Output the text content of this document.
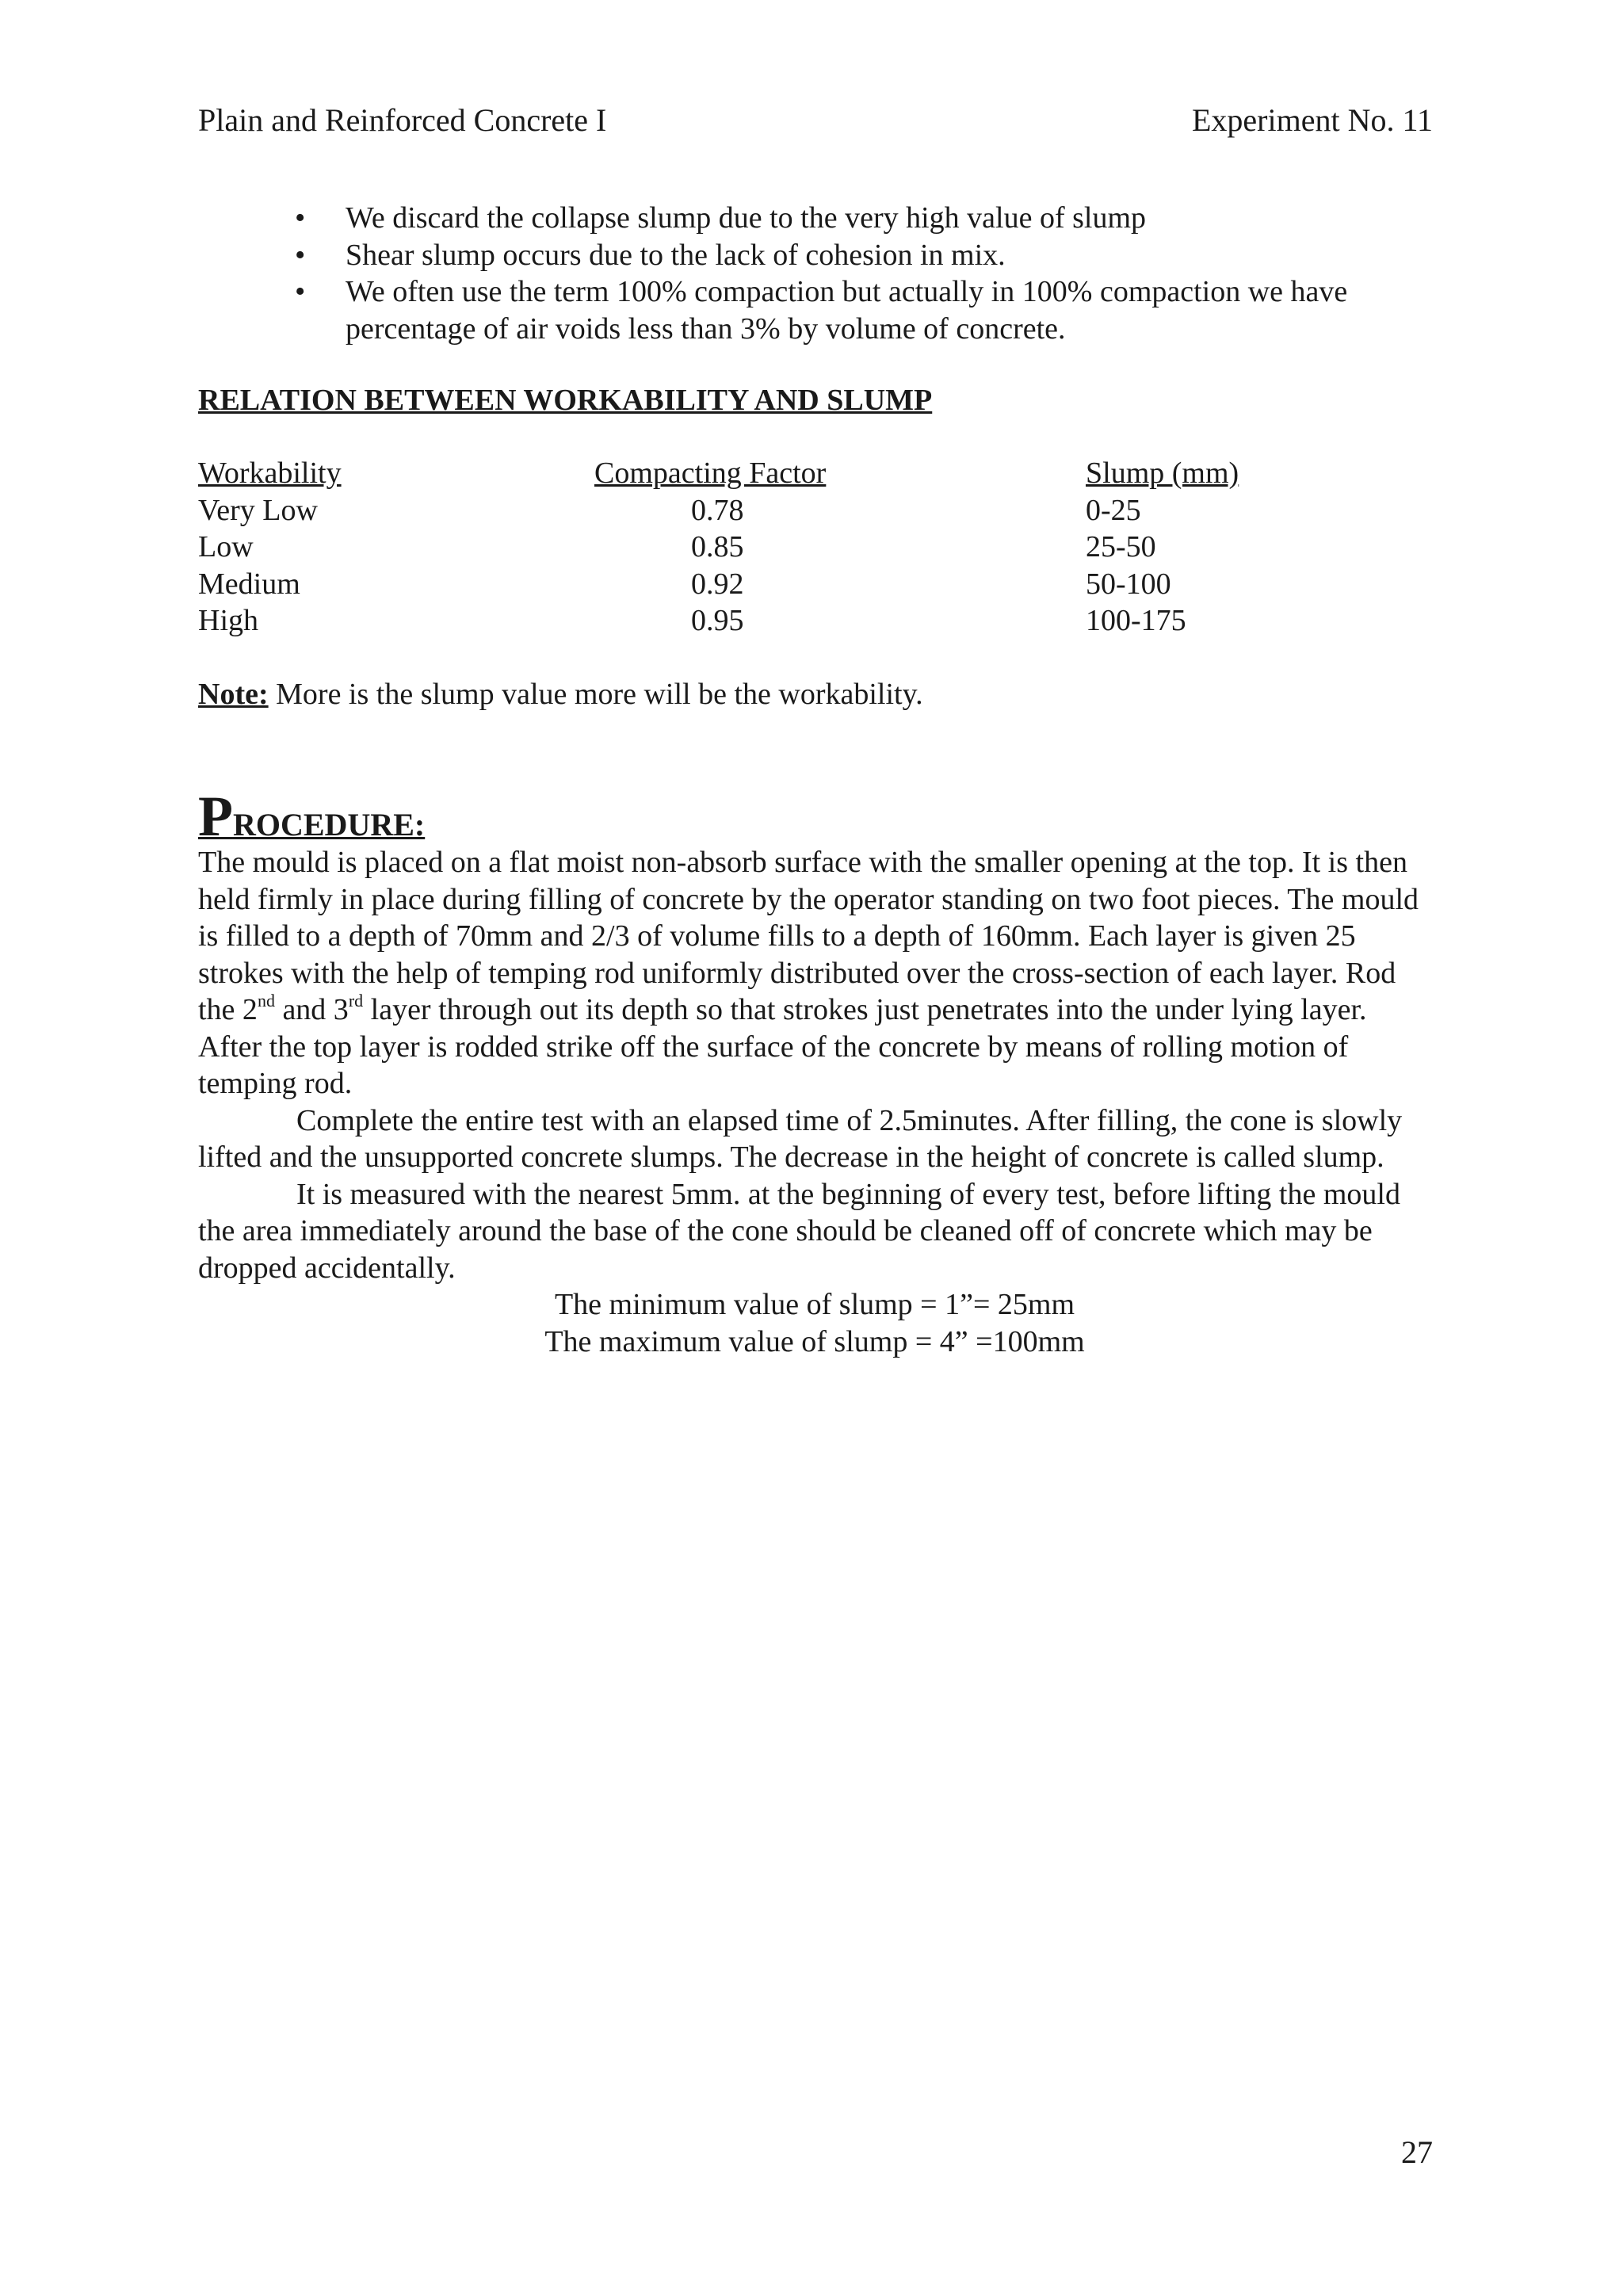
Plain and Reinforced Concrete I	Experiment No. 11
• We discard the collapse slump due to the very high value of slump
• Shear slump occurs due to the lack of cohesion in mix.
• We often use the term 100% compaction but actually in 100% compaction we have percentage of air voids less than 3% by volume of concrete.
RELATION BETWEEN WORKABILITY AND SLUMP
Workability	Compacting Factor	Slump (mm)
Very Low	0.78	0-25
Low	0.85	25-50
Medium	0.92	50-100
High	0.95	100-175
Note: More is the slump value more will be the workability.
PROCEDURE:

The mould is placed on a flat moist non-absorb surface with the smaller opening at the top. It is then held firmly in place during filling of concrete by the operator standing on two foot pieces. The mould is filled to a depth of 70mm and 2/3 of volume fills to a depth of 160mm. Each layer is given 25 strokes with the help of temping rod uniformly distributed over the cross-section of each layer. Rod the 2nd and 3rd layer through out its depth so that strokes just penetrates into the under lying layer. After the top layer is rodded strike off the surface of the concrete by means of rolling motion of temping rod.

Complete the entire test with an elapsed time of 2.5minutes. After filling, the cone is slowly lifted and the unsupported concrete slumps. The decrease in the height of concrete is called slump.

It is measured with the nearest 5mm. at the beginning of every test, before lifting the mould the area immediately around the base of the cone should be cleaned off of concrete which may be dropped accidentally.

The minimum value of slump = 1”= 25mm
The maximum value of slump = 4” =100mm
27
